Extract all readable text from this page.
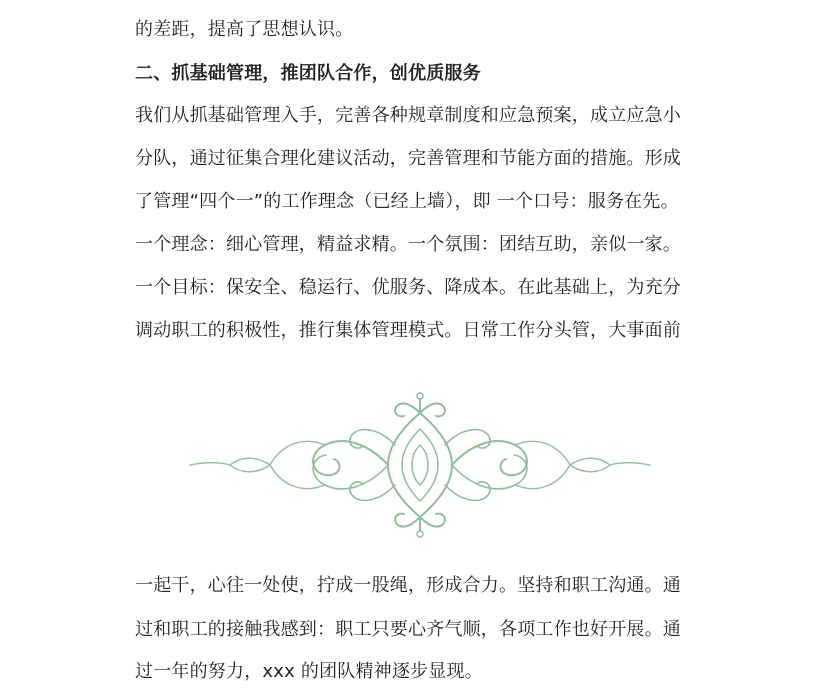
的差距，提高了思想认识。
二、抓基础管理，推团队合作，创优质服务
我们从抓基础管理入手，完善各种规章制度和应急预案，成立应急小
分队，通过征集合理化建议活动，完善管理和节能方面的措施。形成
了管理“四个一”的工作理念（已经上墙），即 一个口号：服务在先。
一个理念：细心管理，精益求精。一个氛围：团结互助，亲似一家。
一个目标：保安全、稳运行、优服务、降成本。在此基础上，为充分
调动职工的积极性，推行集体管理模式。日常工作分头管，大事面前
一起干，心往一处使，拧成一股绳，形成合力。坚持和职工沟通。通
过和职工的接触我感到：职工只要心齐气顺，各项工作也好开展。通
过一年的努力，xxx 的团队精神逐步显现。
